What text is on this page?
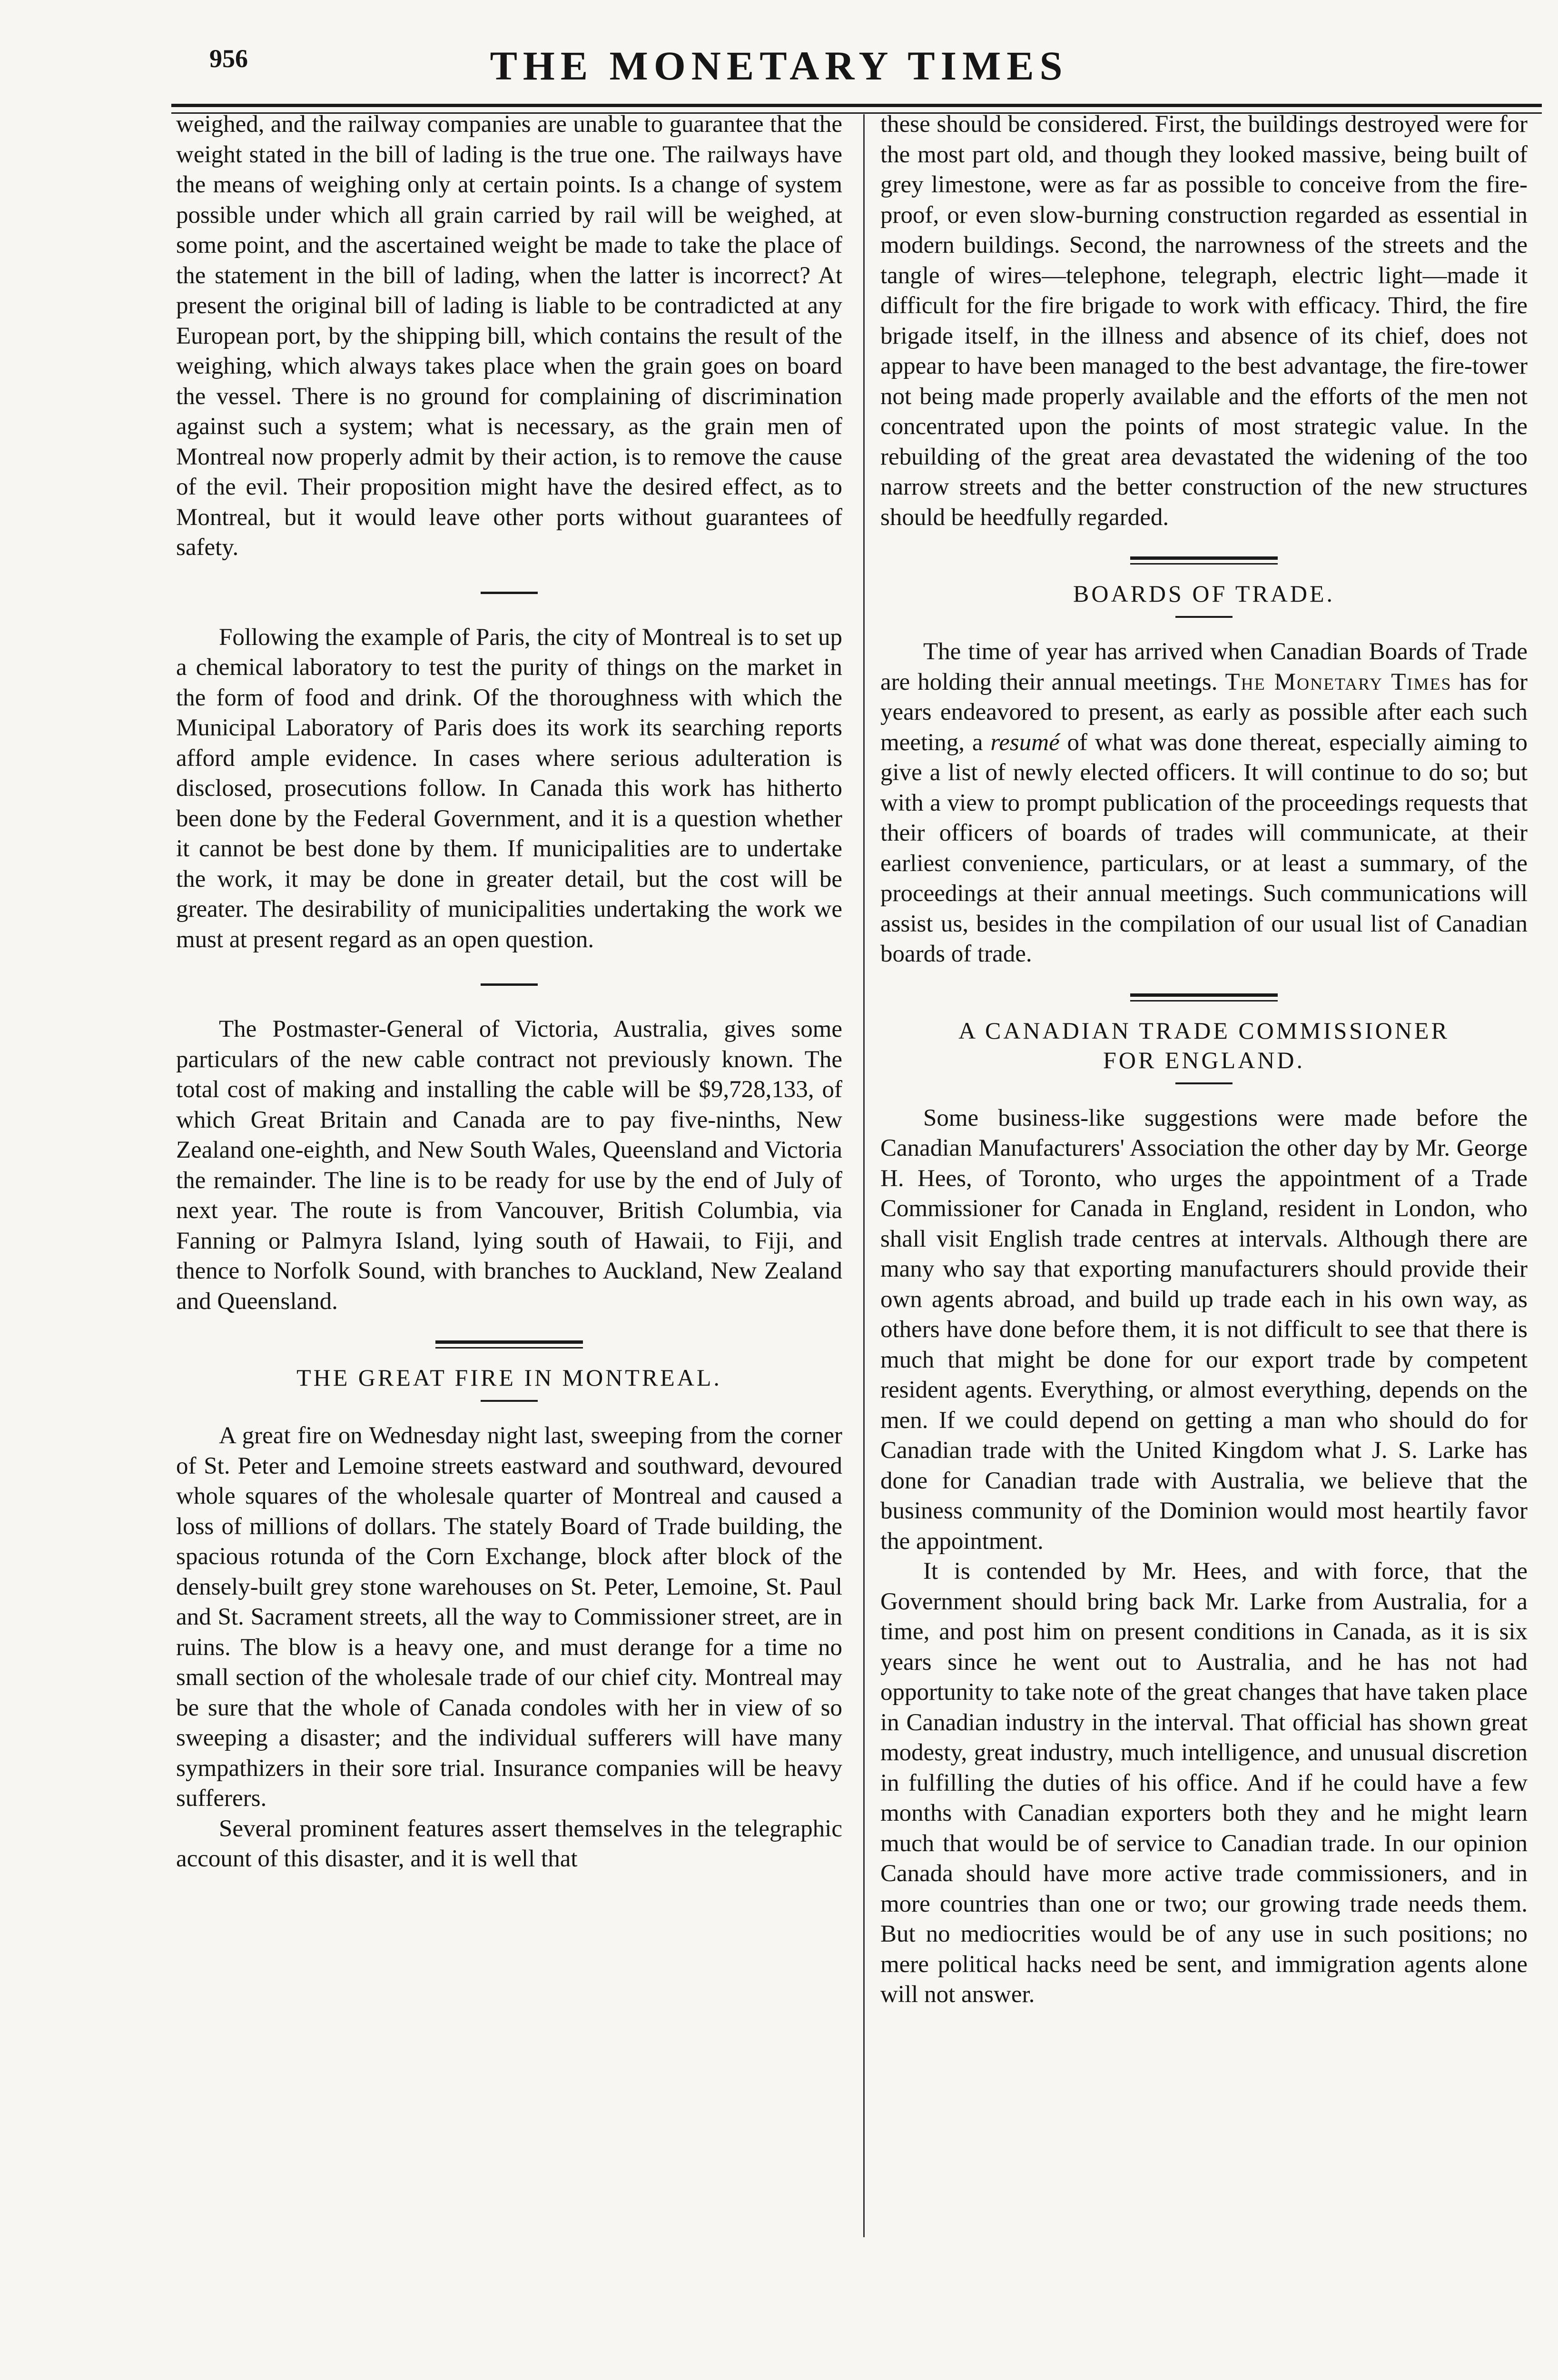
956	THE MONETARY TIMES

weighed, and the railway companies are unable to guarantee that the weight stated in the bill of lading is the true one. The railways have the means of weighing only at certain points. Is a change of system possible under which all grain carried by rail will be weighed, at some point, and the ascertained weight be made to take the place of the statement in the bill of lading, when the latter is incorrect? At present the original bill of lading is liable to be contradicted at any European port, by the shipping bill, which contains the result of the weighing, which always takes place when the grain goes on board the vessel. There is no ground for complaining of discrimination against such a system; what is necessary, as the grain men of Montreal now properly admit by their action, is to remove the cause of the evil. Their proposition might have the desired effect, as to Montreal, but it would leave other ports without guarantees of safety.

Following the example of Paris, the city of Montreal is to set up a chemical laboratory to test the purity of things on the market in the form of food and drink. Of the thoroughness with which the Municipal Laboratory of Paris does its work its searching reports afford ample evidence. In cases where serious adulteration is disclosed, prosecutions follow. In Canada this work has hitherto been done by the Federal Government, and it is a question whether it cannot be best done by them. If municipalities are to undertake the work, it may be done in greater detail, but the cost will be greater. The desirability of municipalities undertaking the work we must at present regard as an open question.

The Postmaster-General of Victoria, Australia, gives some particulars of the new cable contract not previously known. The total cost of making and installing the cable will be $9,728,133, of which Great Britain and Canada are to pay five-ninths, New Zealand one-eighth, and New South Wales, Queensland and Victoria the remainder. The line is to be ready for use by the end of July of next year. The route is from Vancouver, British Columbia, via Fanning or Palmyra Island, lying south of Hawaii, to Fiji, and thence to Norfolk Sound, with branches to Auckland, New Zealand and Queensland.

THE GREAT FIRE IN MONTREAL.

A great fire on Wednesday night last, sweeping from the corner of St. Peter and Lemoine streets eastward and southward, devoured whole squares of the wholesale quarter of Montreal and caused a loss of millions of dollars. The stately Board of Trade building, the spacious rotunda of the Corn Exchange, block after block of the densely-built grey stone warehouses on St. Peter, Lemoine, St. Paul and St. Sacrament streets, all the way to Commissioner street, are in ruins. The blow is a heavy one, and must derange for a time no small section of the wholesale trade of our chief city. Montreal may be sure that the whole of Canada condoles with her in view of so sweeping a disaster; and the individual sufferers will have many sympathizers in their sore trial. Insurance companies will be heavy sufferers.

Several prominent features assert themselves in the telegraphic account of this disaster, and it is well that

these should be considered. First, the buildings destroyed were for the most part old, and though they looked massive, being built of grey limestone, were as far as possible to conceive from the fire-proof, or even slow-burning construction regarded as essential in modern buildings. Second, the narrowness of the streets and the tangle of wires—telephone, telegraph, electric light—made it difficult for the fire brigade to work with efficacy. Third, the fire brigade itself, in the illness and absence of its chief, does not appear to have been managed to the best advantage, the fire-tower not being made properly available and the efforts of the men not concentrated upon the points of most strategic value. In the rebuilding of the great area devastated the widening of the too narrow streets and the better construction of the new structures should be heedfully regarded.

BOARDS OF TRADE.

The time of year has arrived when Canadian Boards of Trade are holding their annual meetings. The Monetary Times has for years endeavored to present, as early as possible after each such meeting, a resumé of what was done thereat, especially aiming to give a list of newly elected officers. It will continue to do so; but with a view to prompt publication of the proceedings requests that their officers of boards of trades will communicate, at their earliest convenience, particulars, or at least a summary, of the proceedings at their annual meetings. Such communications will assist us, besides in the compilation of our usual list of Canadian boards of trade.

A CANADIAN TRADE COMMISSIONER
FOR ENGLAND.

Some business-like suggestions were made before the Canadian Manufacturers' Association the other day by Mr. George H. Hees, of Toronto, who urges the appointment of a Trade Commissioner for Canada in England, resident in London, who shall visit English trade centres at intervals. Although there are many who say that exporting manufacturers should provide their own agents abroad, and build up trade each in his own way, as others have done before them, it is not difficult to see that there is much that might be done for our export trade by competent resident agents. Everything, or almost everything, depends on the men. If we could depend on getting a man who should do for Canadian trade with the United Kingdom what J. S. Larke has done for Canadian trade with Australia, we believe that the business community of the Dominion would most heartily favor the appointment.

It is contended by Mr. Hees, and with force, that the Government should bring back Mr. Larke from Australia, for a time, and post him on present conditions in Canada, as it is six years since he went out to Australia, and he has not had opportunity to take note of the great changes that have taken place in Canadian industry in the interval. That official has shown great modesty, great industry, much intelligence, and unusual discretion in fulfilling the duties of his office. And if he could have a few months with Canadian exporters both they and he might learn much that would be of service to Canadian trade. In our opinion Canada should have more active trade commissioners, and in more countries than one or two; our growing trade needs them. But no mediocrities would be of any use in such positions; no mere political hacks need be sent, and immigration agents alone will not answer.
